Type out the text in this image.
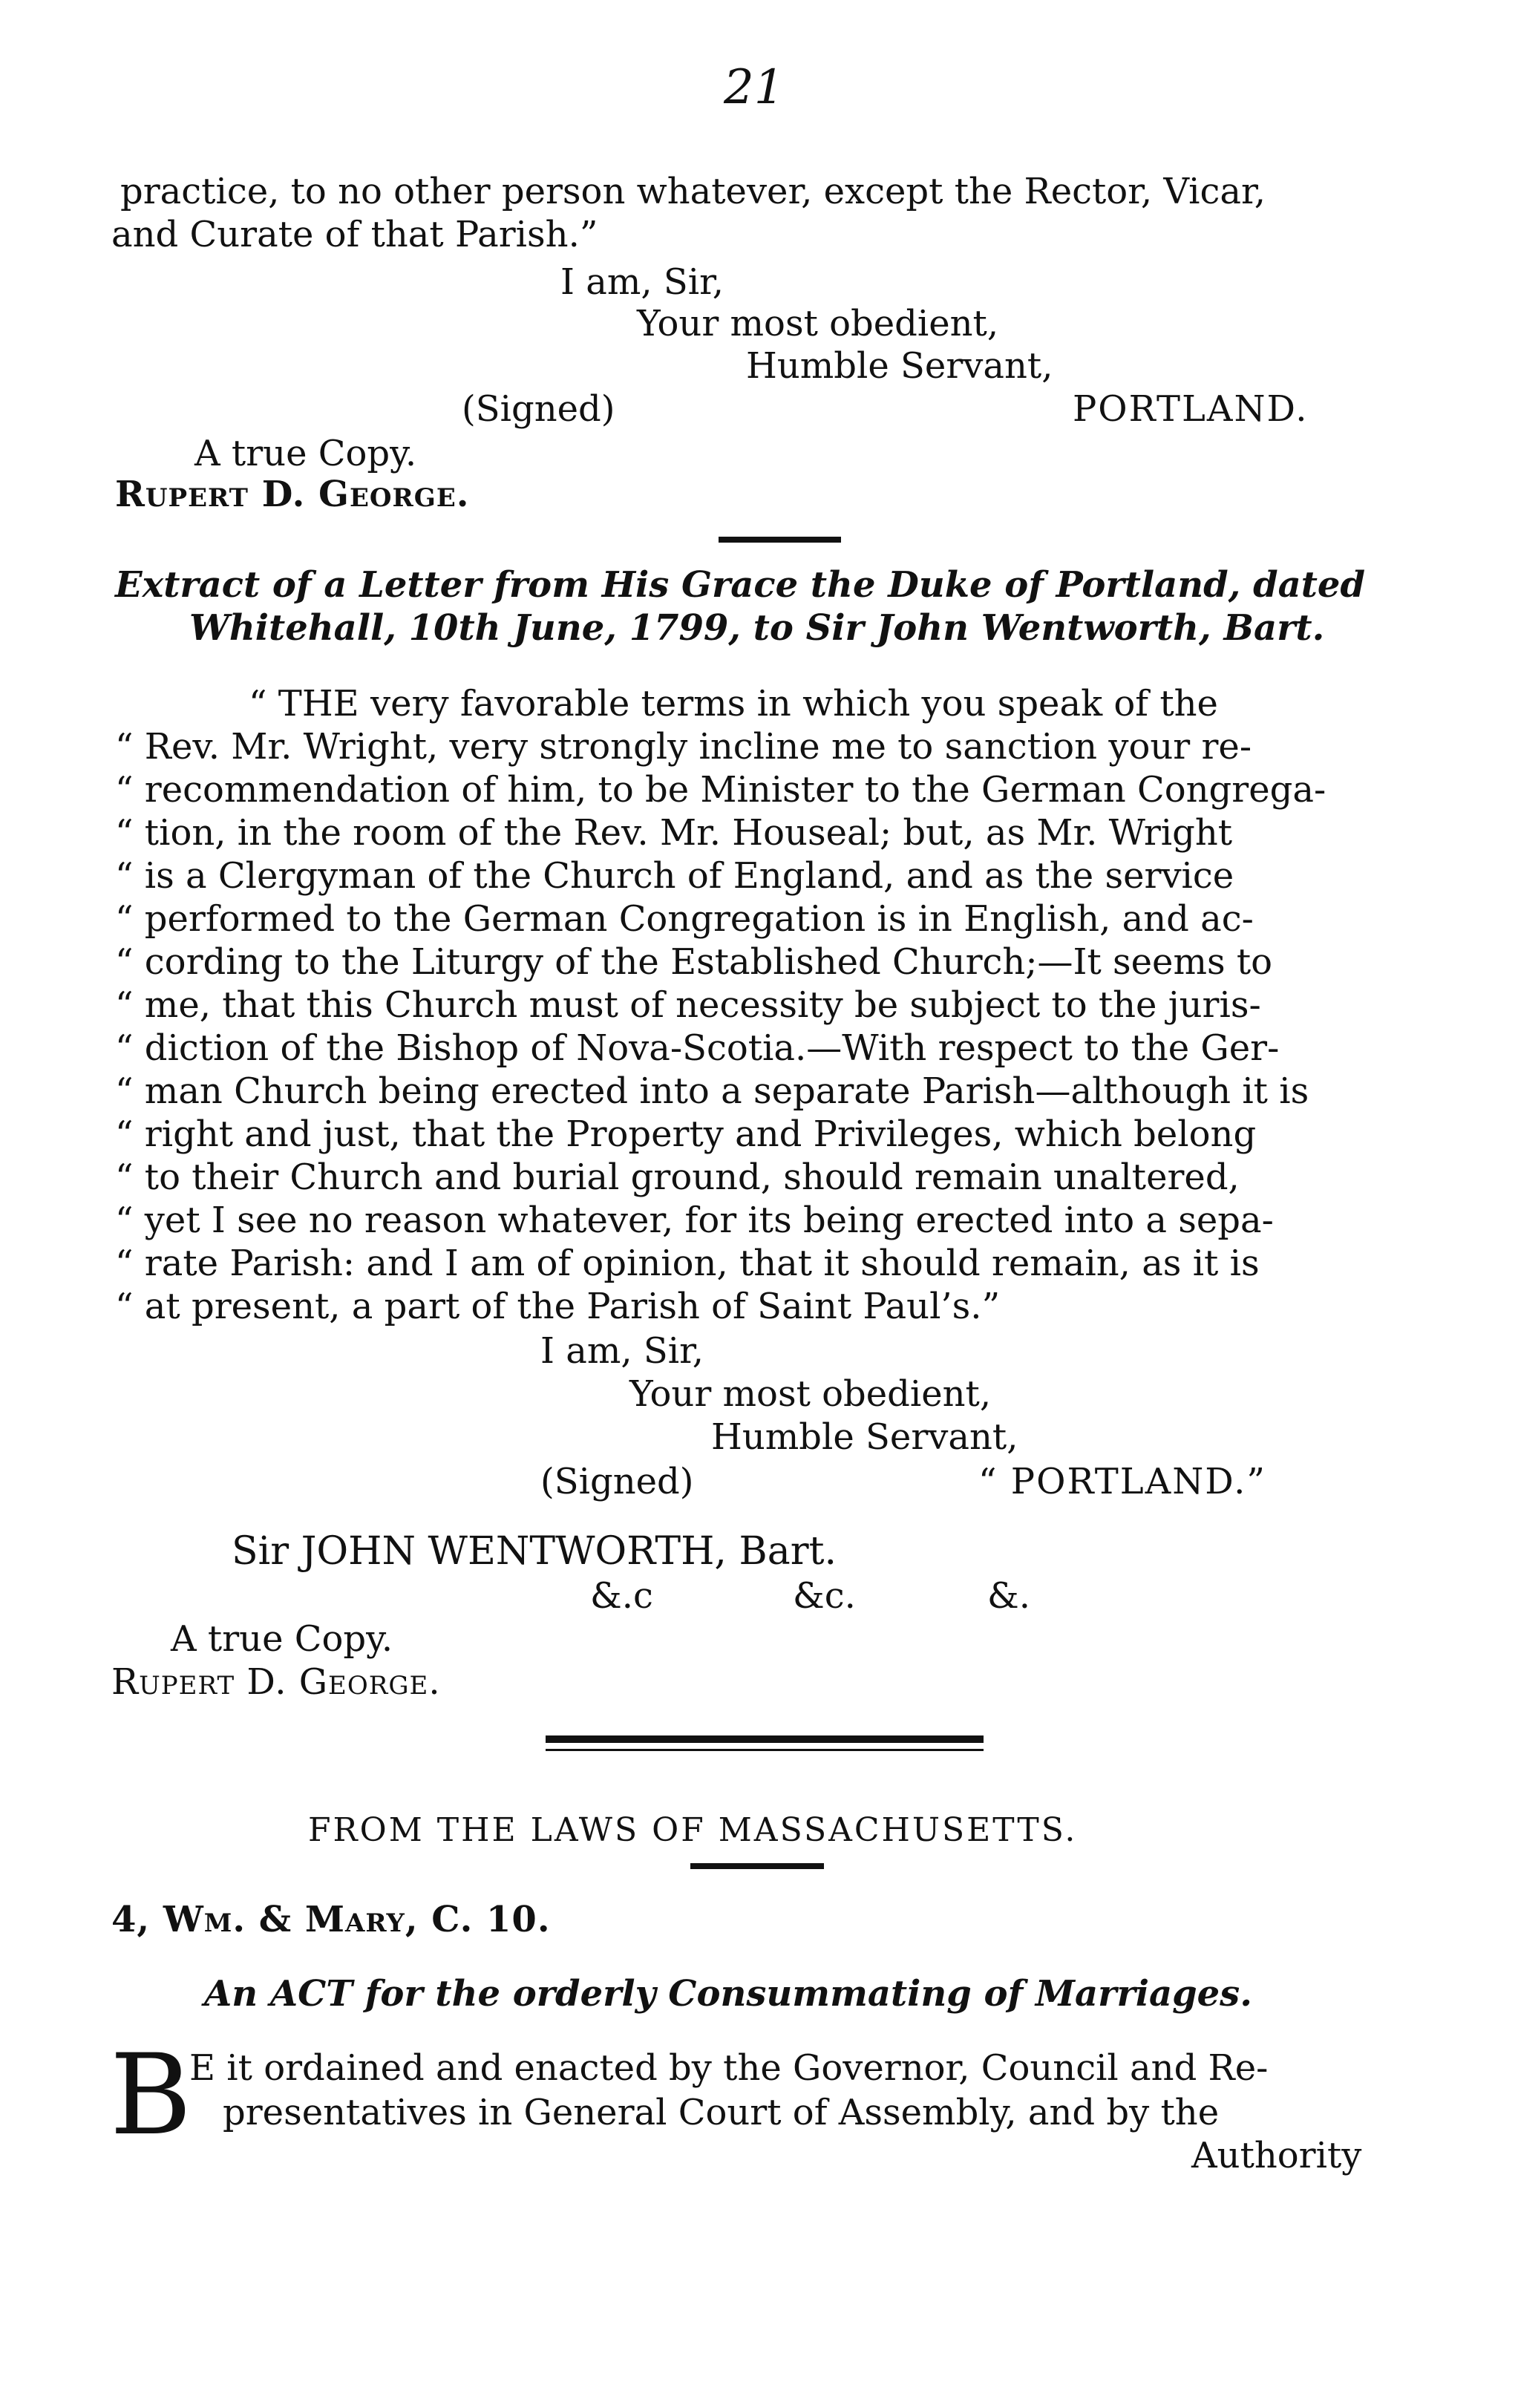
21
practice, to no other person whatever, except the Rector, Vicar,
and Curate of that Parish.”
I am, Sir,
Your most obedient,
Humble Servant,
(Signed)	PORTLAND.
A true Copy.
Rupert D. George.
Extract of a Letter from His Grace the Duke of Portland, dated
Whitehall, 10th June, 1799, to Sir John Wentworth, Bart.
“ THE very favorable terms in which you speak of the
“ Rev. Mr. Wright, very strongly incline me to sanction your re-
“ recommendation of him, to be Minister to the German Congrega-
“ tion, in the room of the Rev. Mr. Houseal; but, as Mr. Wright
“ is a Clergyman of the Church of England, and as the service
“ performed to the German Congregation is in English, and ac-
“ cording to the Liturgy of the Established Church;—It seems to
“ me, that this Church must of necessity be subject to the juris-
“ diction of the Bishop of Nova-Scotia.—With respect to the Ger-
“ man Church being erected into a separate Parish—although it is
“ right and just, that the Property and Privileges, which belong
“ to their Church and burial ground, should remain unaltered,
“ yet I see no reason whatever, for its being erected into a sepa-
“ rate Parish: and I am of opinion, that it should remain, as it is
“ at present, a part of the Parish of Saint Paul’s.”
I am, Sir,
Your most obedient,
Humble Servant,
(Signed)	“ PORTLAND.”
Sir JOHN WENTWORTH, Bart.
&.c	&c.	&.
A true Copy.
Rupert D. George.
FROM THE LAWS OF MASSACHUSETTS.
4, Wm. & Mary, C. 10.
An ACT for the orderly Consummating of Marriages.
B
E it ordained and enacted by the Governor, Council and Re-
presentatives in General Court of Assembly, and by the
Authority
